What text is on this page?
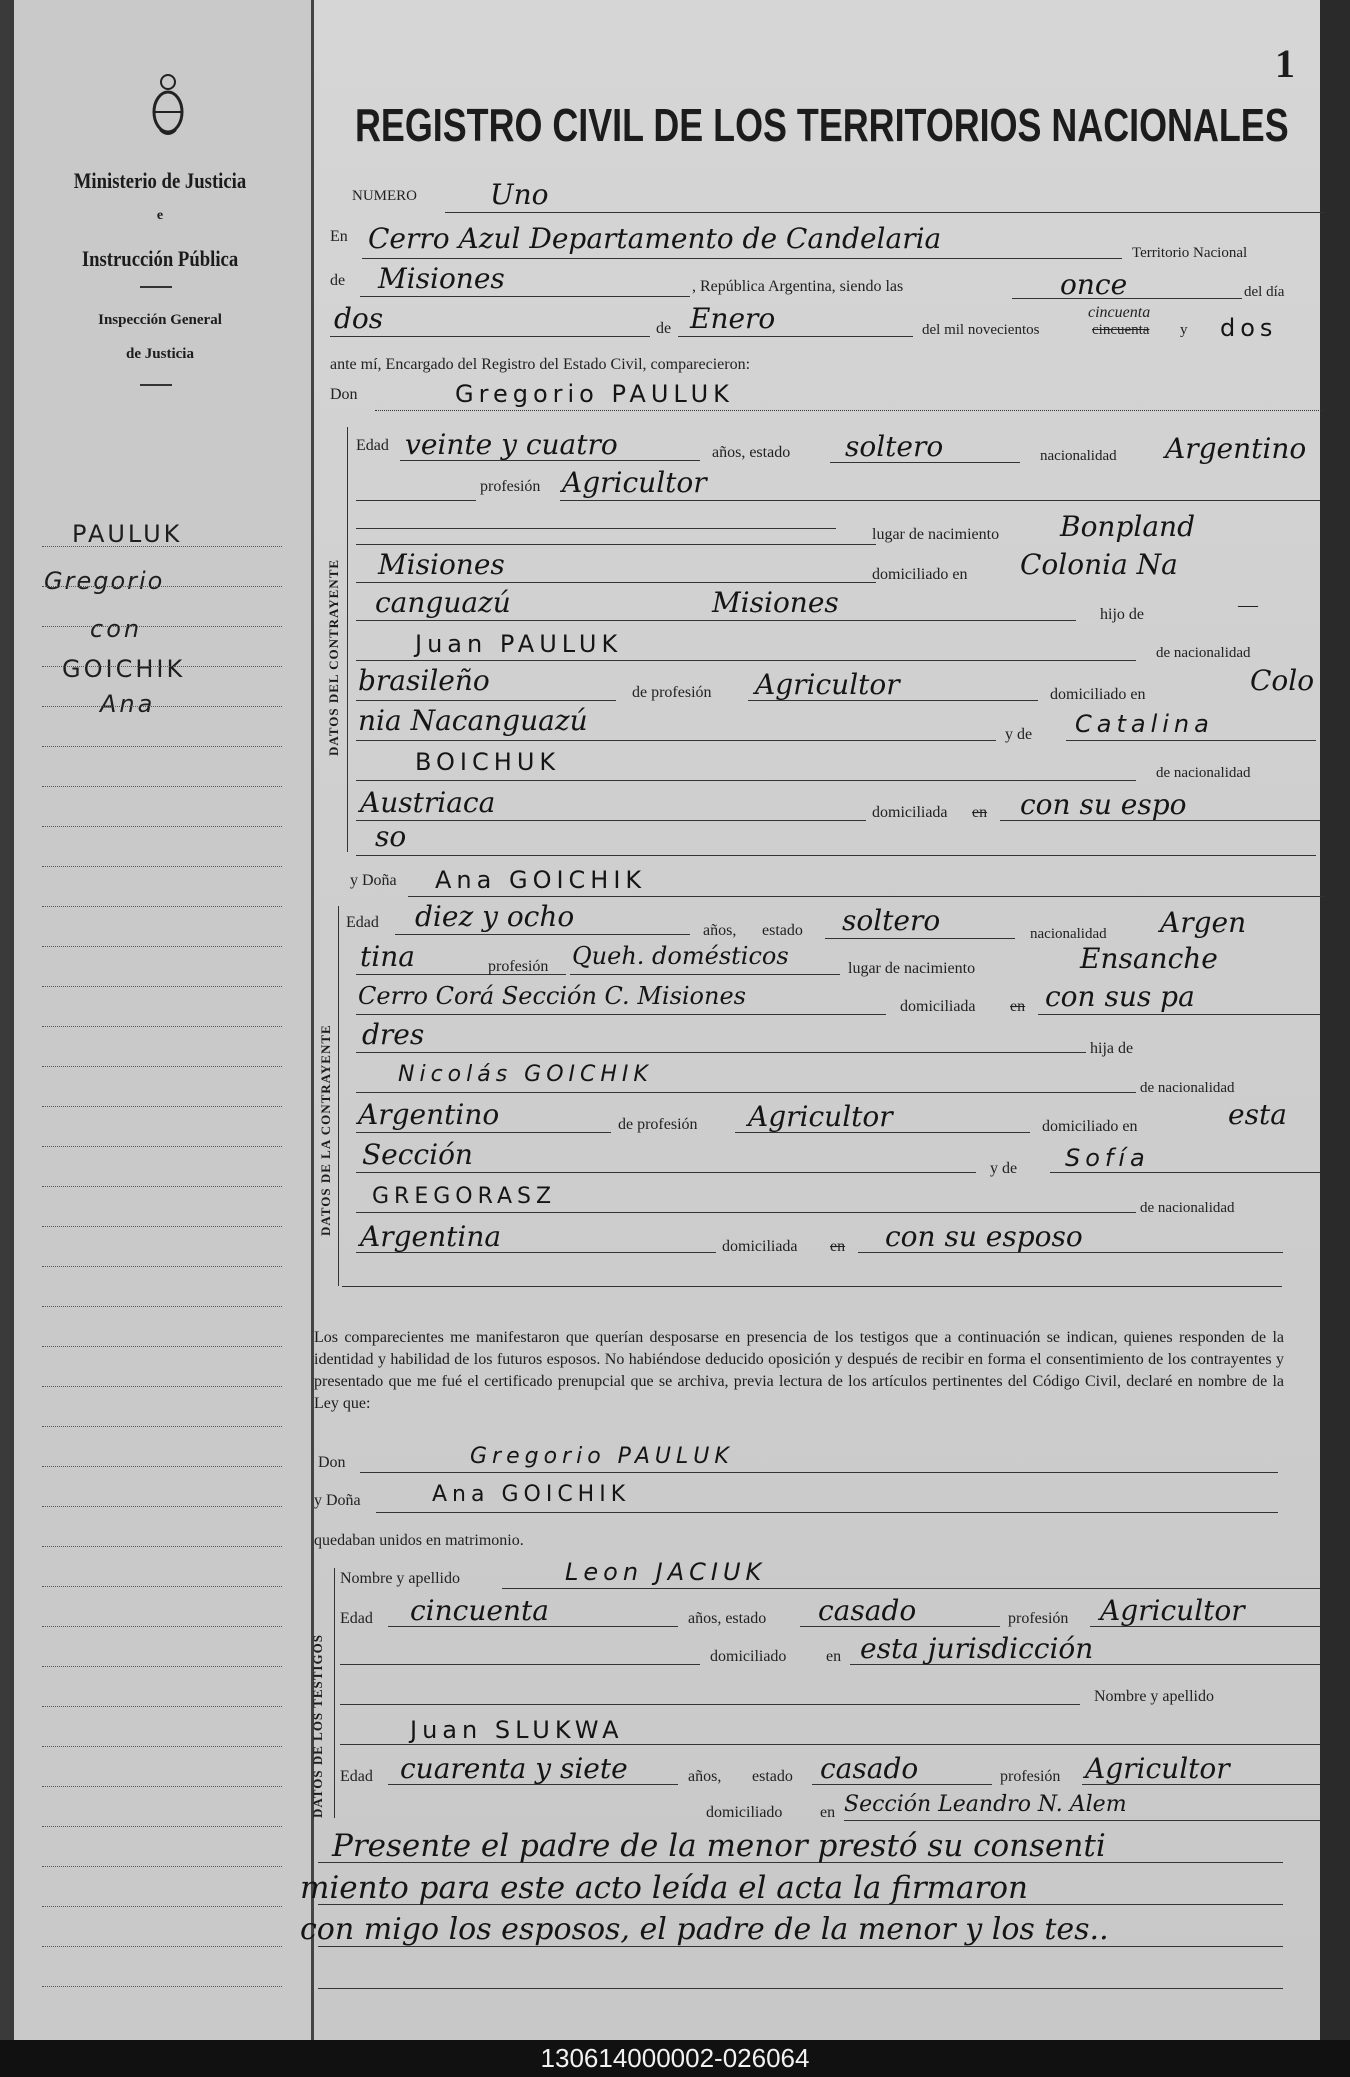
Ministerio de Justicia
e
Instrucción Pública
Inspección General
de Justicia
PAULUK
Gregorio
con
GOICHIK
Ana
1
REGISTRO CIVIL DE LOS TERRITORIOS NACIONALES
NUMERO	Uno
En Cerro Azul Departamento de Candelaria	Territorio Nacional
de Misiones	, República Argentina, siendo las	once	del día
dos	de Enero	del mil novecientos	cincuenta
cincuenta
y dos
ante mí, Encargado del Registro del Estado Civil, comparecieron:
Don	Gregorio PAULUK
DATOS DEL CONTRAYENTE
Edad veinte y cuatro	años, estado soltero	nacionalidad Argentino
profesión Agricultor
lugar de nacimiento Bonpland
Misiones	domiciliado en Colonia Na
canguazú	Misiones	hijo de	—
Juan PAULUK	de nacionalidad
brasileño	de profesión Agricultor	domiciliado en	Colo
nia Nacanguazú	y de Catalina
BOICHUK	de nacionalidad
Austriaca	domiciliada en con su espo
so
y Doña Ana GOICHIK
DATOS DE LA CONTRAYENTE
Edad diez y ocho	años, estado soltero	nacionalidad Argen
tina	profesión Queh. domésticos	lugar de nacimiento	Ensanche
Cerro Corá Sección C. Misiones	domiciliada en con sus pa
dres	hija de
Nicolás GOICHIK
de nacionalidad
Argentino	de profesión Agricultor	domiciliado en	esta
Sección	y de Sofía
GREGORASZ	de nacionalidad
Argentina	domiciliada en con su esposo
Los comparecientes me manifestaron que querían desposarse en presencia de los testigos que a continuación se indican, quienes responden de la identidad y habilidad de los futuros esposos. No habiéndose deducido oposición y después de recibir en forma el consentimiento de los contrayentes y presentado que me fué el certificado prenupcial que se archiva, previa lectura de los artículos pertinentes del Código Civil, declaré en nombre de la Ley que:
Don	Gregorio PAULUK
y Doña	Ana GOICHIK
quedaban unidos en matrimonio.
DATOS DE LOS TESTIGOS
Nombre y apellido	Leon JACIUK
Edad cincuenta	años, estado casado	profesión Agricultor
domiciliado en esta jurisdicción
Nombre y apellido
Juan SLUKWA
Edad cuarenta y siete	años, estado casado	profesión Agricultor
domiciliado en Sección Leandro N. Alem
Presente el padre de la menor prestó su consenti
miento para este acto leída el acta la firmaron
con migo los esposos, el padre de la menor y los tes..
130614000002-026064
